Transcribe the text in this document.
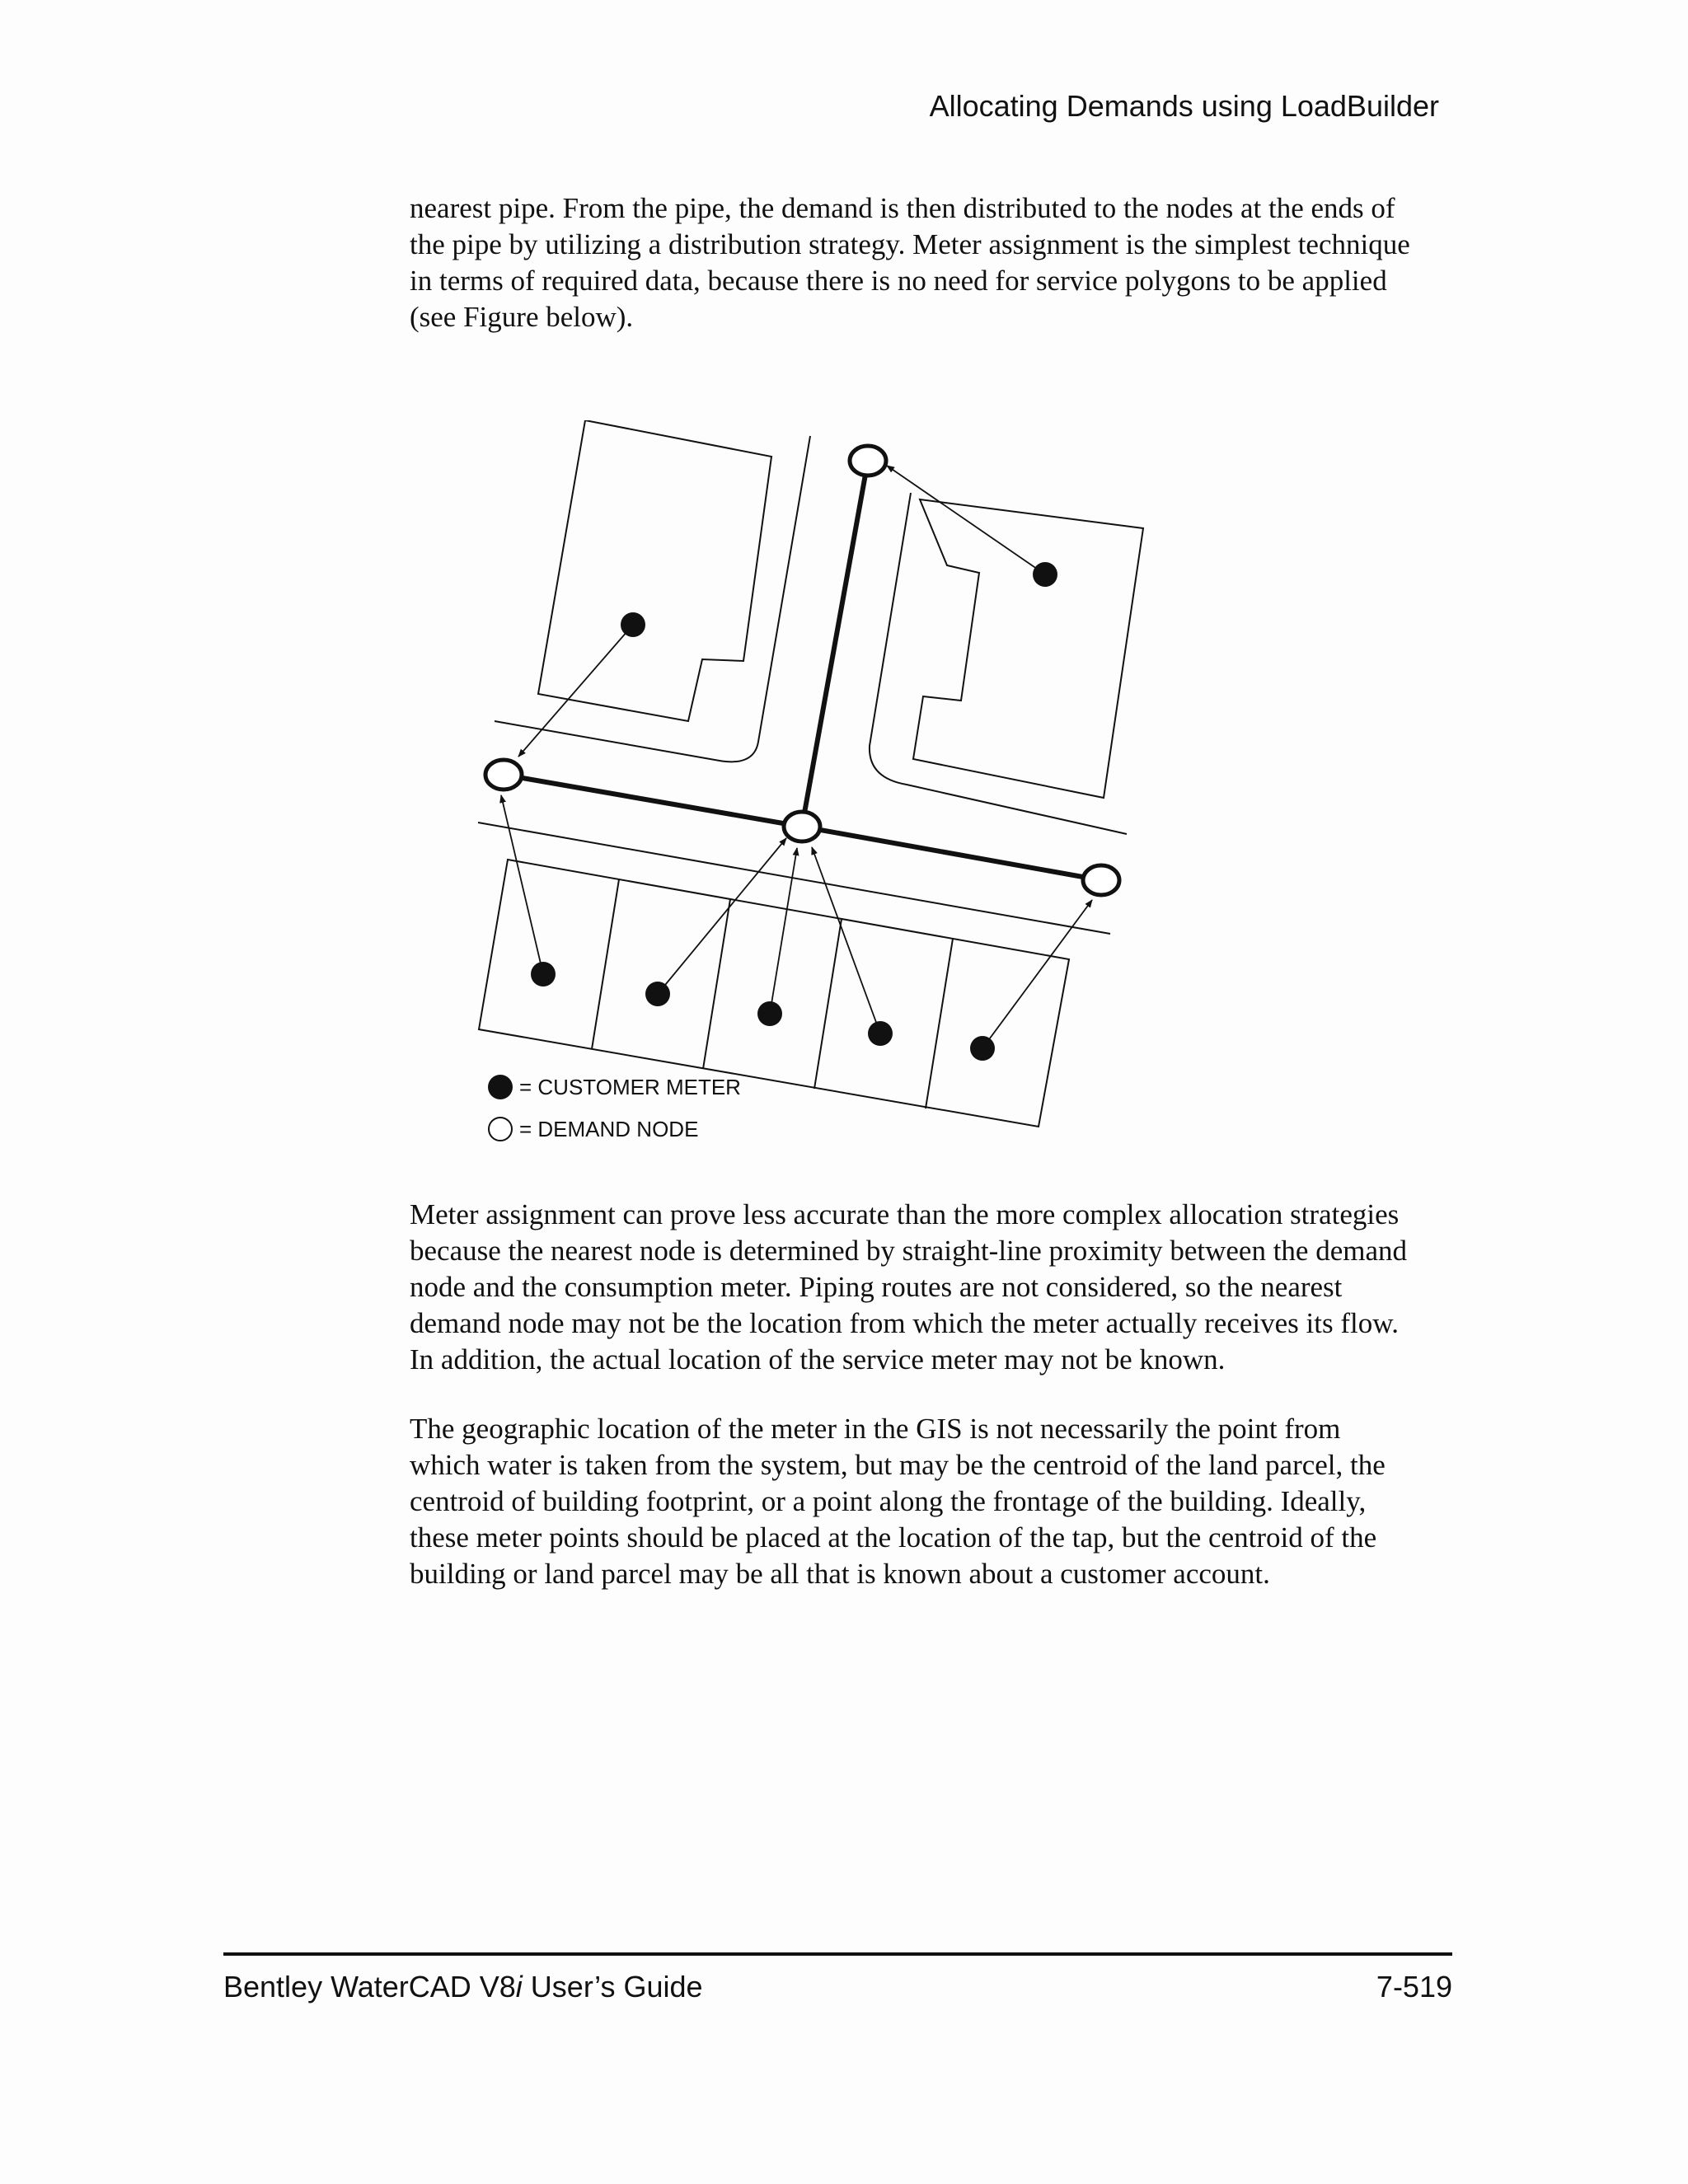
Allocating Demands using LoadBuilder

nearest pipe. From the pipe, the demand is then distributed to the nodes at the ends of
the pipe by utilizing a distribution strategy. Meter assignment is the simplest technique
in terms of required data, because there is no need for service polygons to be applied
(see Figure below).

= CUSTOMER METER
= DEMAND NODE

Meter assignment can prove less accurate than the more complex allocation strategies
because the nearest node is determined by straight-line proximity between the demand
node and the consumption meter. Piping routes are not considered, so the nearest
demand node may not be the location from which the meter actually receives its flow.
In addition, the actual location of the service meter may not be known.

The geographic location of the meter in the GIS is not necessarily the point from
which water is taken from the system, but may be the centroid of the land parcel, the
centroid of building footprint, or a point along the frontage of the building. Ideally,
these meter points should be placed at the location of the tap, but the centroid of the
building or land parcel may be all that is known about a customer account.

Bentley WaterCAD V8i User’s Guide	7-519
